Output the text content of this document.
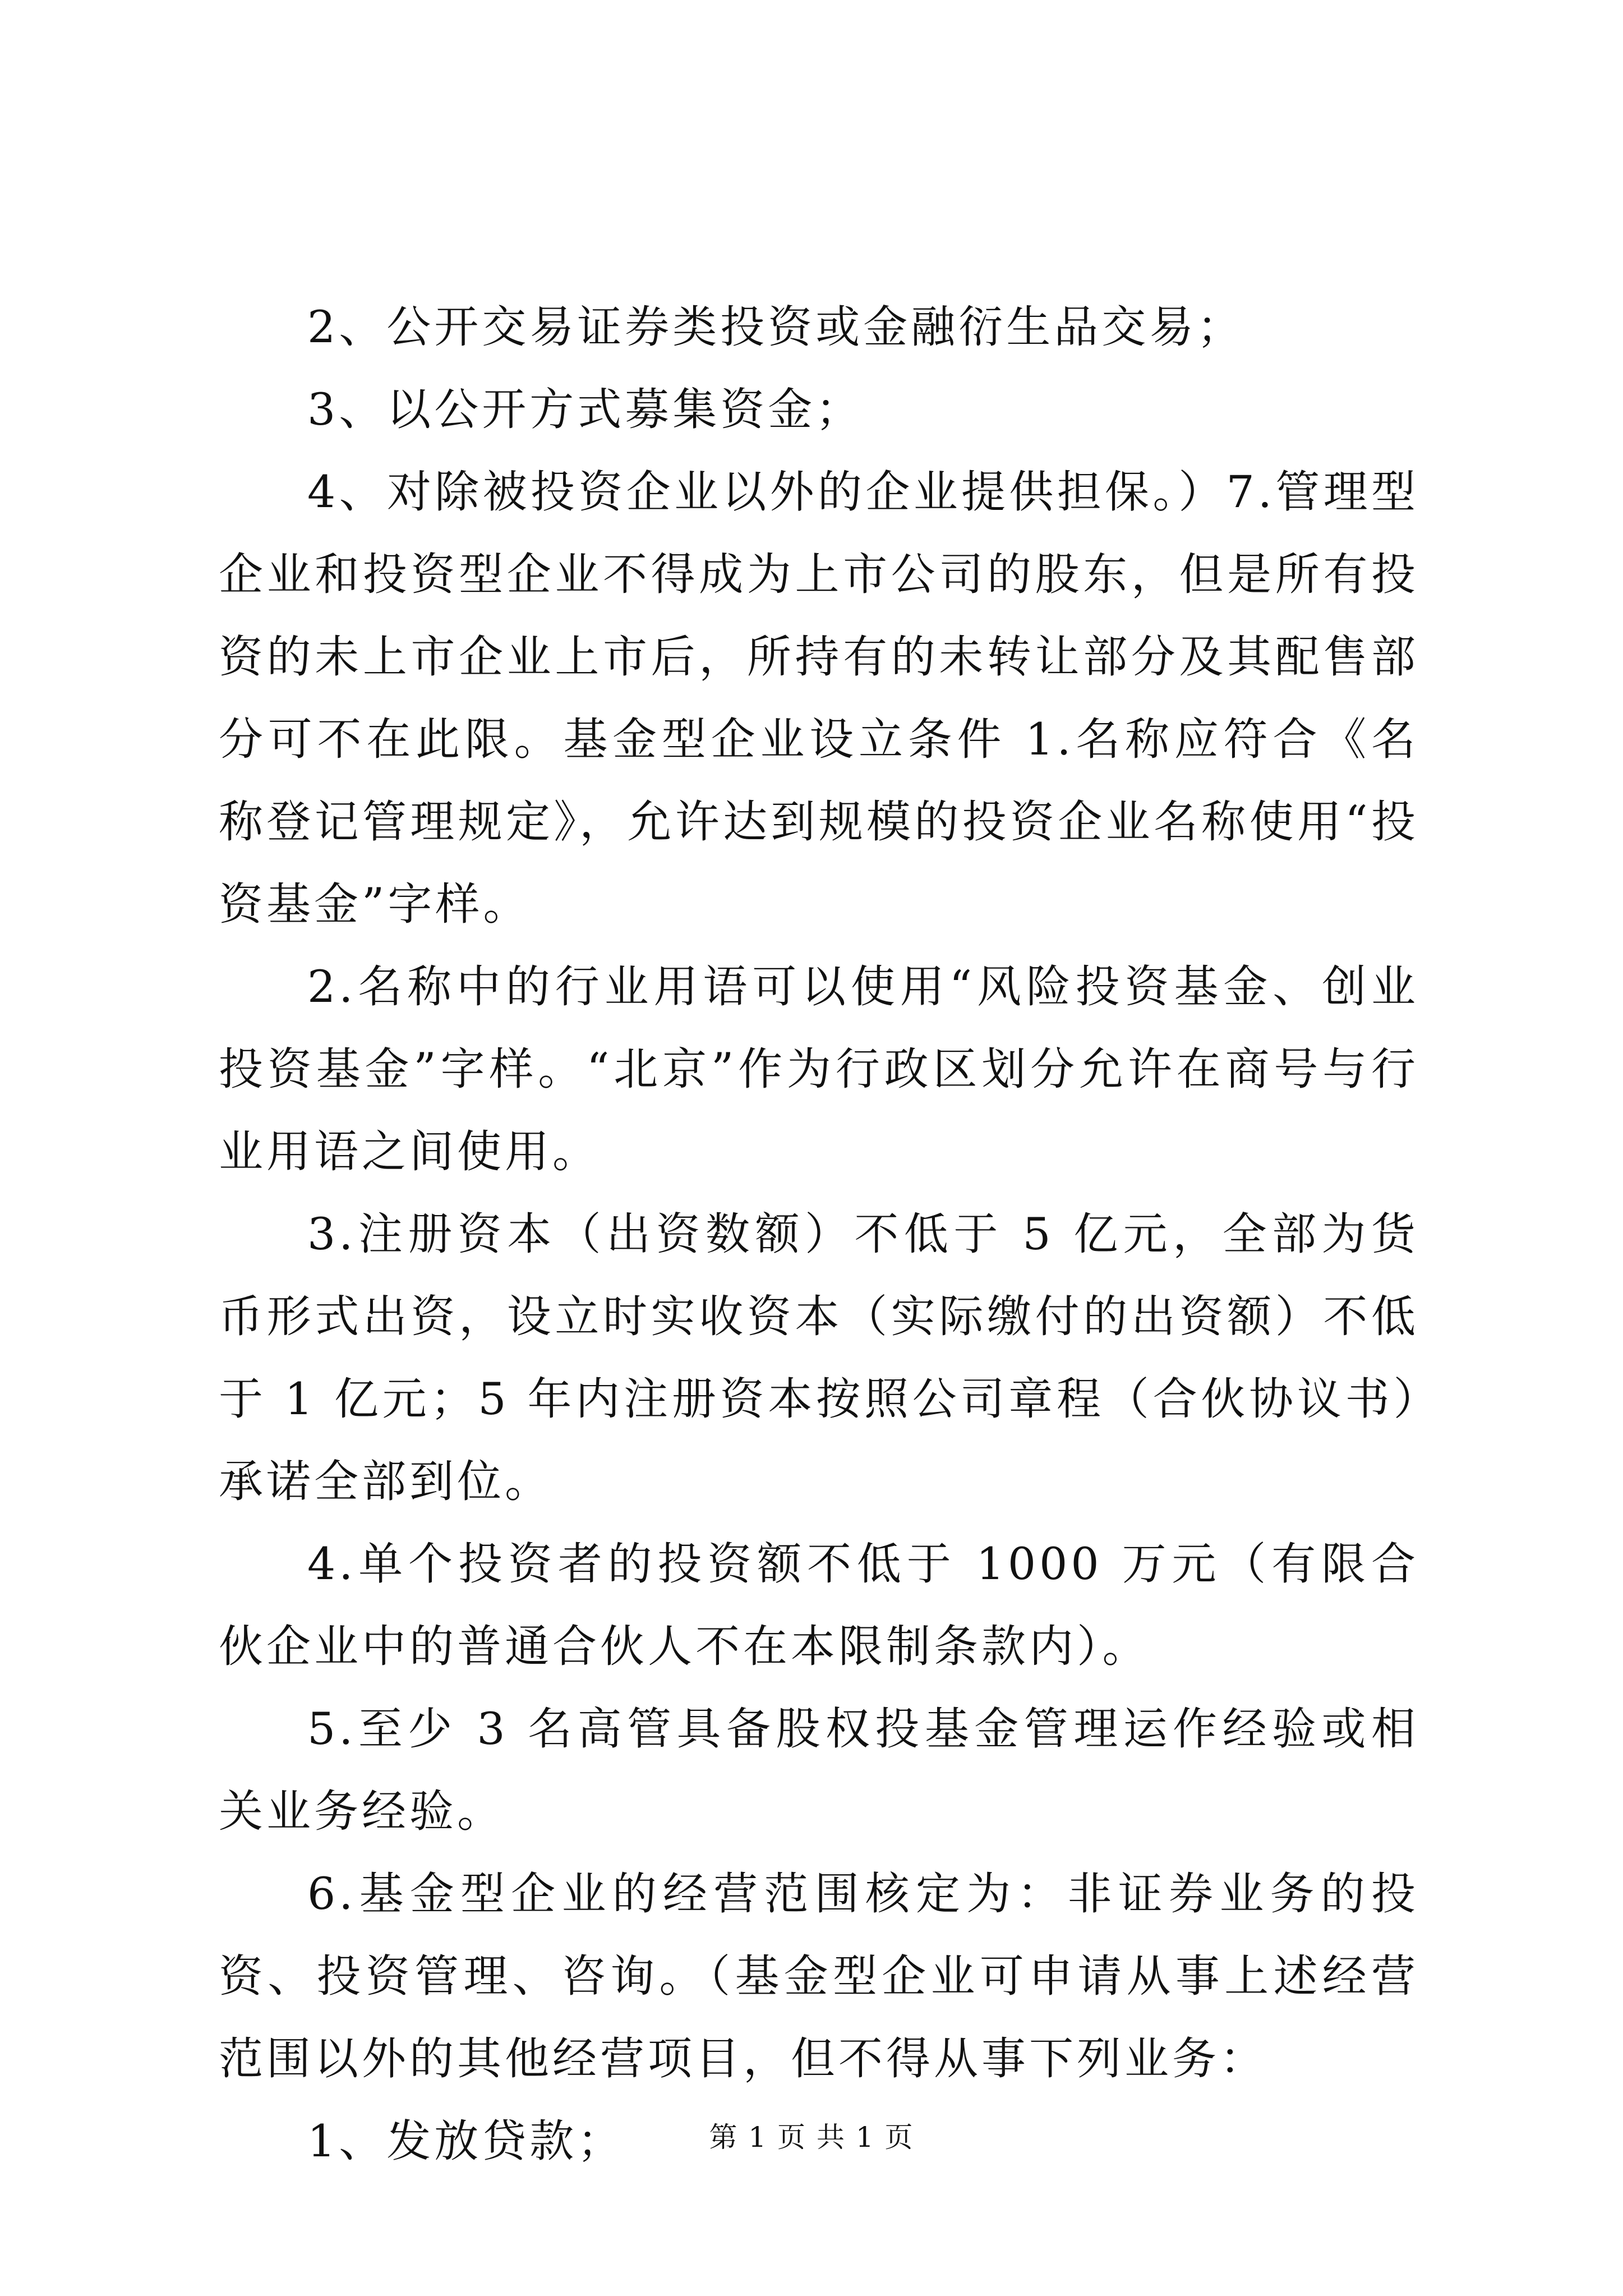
2、公开交易证券类投资或金融衍生品交易；

3、以公开方式募集资金；

4、对除被投资企业以外的企业提供担保。）7.管理型企业和投资型企业不得成为上市公司的股东，但是所有投资的未上市企业上市后，所持有的未转让部分及其配售部分可不在此限。基金型企业设立条件 1.名称应符合《名称登记管理规定》，允许达到规模的投资企业名称使用“投资基金”字样。

2.名称中的行业用语可以使用“风险投资基金、创业投资基金”字样。“北京”作为行政区划分允许在商号与行业用语之间使用。

3.注册资本（出资数额）不低于 5 亿元，全部为货币形式出资，设立时实收资本（实际缴付的出资额）不低于 1 亿元；5 年内注册资本按照公司章程（合伙协议书）承诺全部到位。

4.单个投资者的投资额不低于 1000 万元（有限合伙企业中的普通合伙人不在本限制条款内）。

5.至少 3 名高管具备股权投基金管理运作经验或相关业务经验。

6.基金型企业的经营范围核定为：非证券业务的投资、投资管理、咨询。（基金型企业可申请从事上述经营范围以外的其他经营项目，但不得从事下列业务：

1、发放贷款；	第 1 页 共 1 页
